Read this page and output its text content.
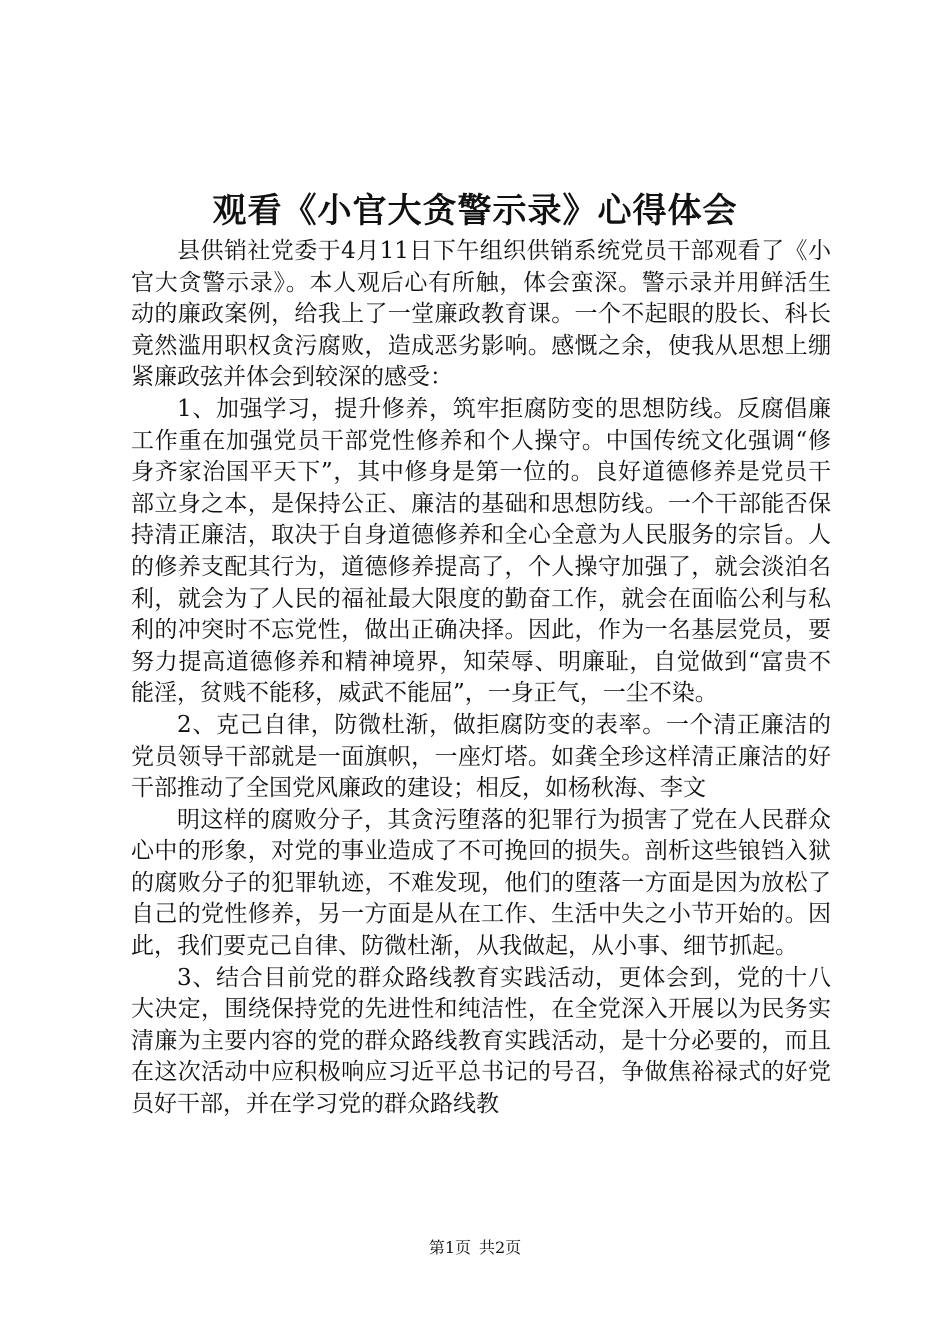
观看《小官大贪警示录》心得体会

县供销社党委于4月11日下午组织供销系统党员干部观看了《小官大贪警示录》。本人观后心有所触，体会蛮深。警示录并用鲜活生动的廉政案例，给我上了一堂廉政教育课。一个不起眼的股长、科长竟然滥用职权贪污腐败，造成恶劣影响。感慨之余，使我从思想上绷紧廉政弦并体会到较深的感受：

1、加强学习，提升修养，筑牢拒腐防变的思想防线。反腐倡廉工作重在加强党员干部党性修养和个人操守。中国传统文化强调“修身齐家治国平天下”，其中修身是第一位的。良好道德修养是党员干部立身之本，是保持公正、廉洁的基础和思想防线。一个干部能否保持清正廉洁，取决于自身道德修养和全心全意为人民服务的宗旨。人的修养支配其行为，道德修养提高了，个人操守加强了，就会淡泊名利，就会为了人民的福祉最大限度的勤奋工作，就会在面临公利与私利的冲突时不忘党性，做出正确决择。因此，作为一名基层党员，要努力提高道德修养和精神境界，知荣辱、明廉耻，自觉做到“富贵不能淫，贫贱不能移，威武不能屈”，一身正气，一尘不染。

2、克己自律，防微杜渐，做拒腐防变的表率。一个清正廉洁的党员领导干部就是一面旗帜，一座灯塔。如龚全珍这样清正廉洁的好干部推动了全国党风廉政的建设；相反，如杨秋海、李文

明这样的腐败分子，其贪污堕落的犯罪行为损害了党在人民群众心中的形象，对党的事业造成了不可挽回的损失。剖析这些锒铛入狱的腐败分子的犯罪轨迹，不难发现，他们的堕落一方面是因为放松了自己的党性修养，另一方面是从在工作、生活中失之小节开始的。因此，我们要克己自律、防微杜渐，从我做起，从小事、细节抓起。

3、结合目前党的群众路线教育实践活动，更体会到，党的十八大决定，围绕保持党的先进性和纯洁性，在全党深入开展以为民务实清廉为主要内容的党的群众路线教育实践活动，是十分必要的，而且在这次活动中应积极响应习近平总书记的号召，争做焦裕禄式的好党员好干部，并在学习党的群众路线教

第1页 共2页
